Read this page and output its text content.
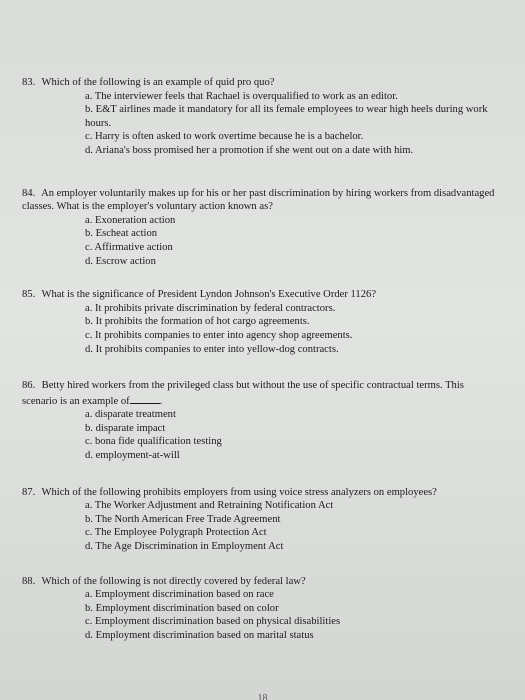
83. Which of the following is an example of quid pro quo?

a. The interviewer feels that Rachael is overqualified to work as an editor.
b. E&T airlines made it mandatory for all its female employees to wear high heels during work hours.
c. Harry is often asked to work overtime because he is a bachelor.
d. Ariana's boss promised her a promotion if she went out on a date with him.

84. An employer voluntarily makes up for his or her past discrimination by hiring workers from disadvantaged classes. What is the employer's voluntary action known as?

a. Exoneration action
b. Escheat action
c. Affirmative action
d. Escrow action

85. What is the significance of President Lyndon Johnson's Executive Order 1126?

a. It prohibits private discrimination by federal contractors.
b. It prohibits the formation of hot cargo agreements.
c. It prohibits companies to enter into agency shop agreements.
d. It prohibits companies to enter into yellow-dog contracts.

86. Betty hired workers from the privileged class but without the use of specific contractual terms. This scenario is an example of	.

a. disparate treatment
b. disparate impact
c. bona fide qualification testing
d. employment-at-will

87. Which of the following prohibits employers from using voice stress analyzers on employees?

a. The Worker Adjustment and Retraining Notification Act
b. The North American Free Trade Agreement
c. The Employee Polygraph Protection Act
d. The Age Discrimination in Employment Act

88. Which of the following is not directly covered by federal law?

a. Employment discrimination based on race
b. Employment discrimination based on color
c. Employment discrimination based on physical disabilities
d. Employment discrimination based on marital status
18
